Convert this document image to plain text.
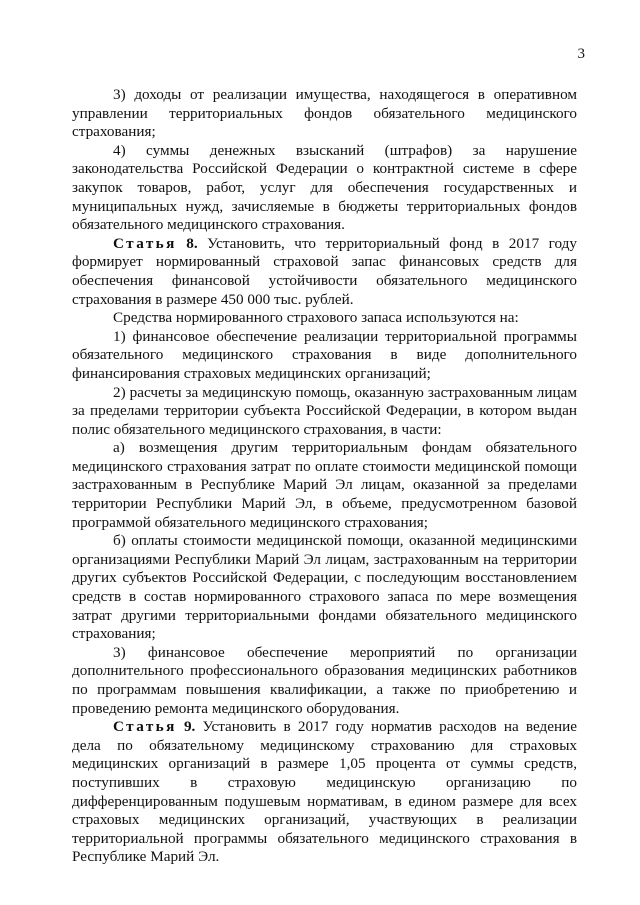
3

3) доходы от реализации имущества, находящегося в оперативном управлении территориальных фондов обязательного медицинского страхования;

4) суммы денежных взысканий (штрафов) за нарушение законодательства Российской Федерации о контрактной системе в сфере закупок товаров, работ, услуг для обеспечения государственных и муниципальных нужд, зачисляемые в бюджеты территориальных фондов обязательного медицинского страхования.

Статья 8. Установить, что территориальный фонд в 2017 году формирует нормированный страховой запас финансовых средств для обеспечения финансовой устойчивости обязательного медицинского страхования в размере 450 000 тыс. рублей.

Средства нормированного страхового запаса используются на:

1) финансовое обеспечение реализации территориальной программы обязательного медицинского страхования в виде дополнительного финансирования страховых медицинских организаций;

2) расчеты за медицинскую помощь, оказанную застрахованным лицам за пределами территории субъекта Российской Федерации, в котором выдан полис обязательного медицинского страхования, в части:

а) возмещения другим территориальным фондам обязательного медицинского страхования затрат по оплате стоимости медицинской помощи застрахованным в Республике Марий Эл лицам, оказанной за пределами территории Республики Марий Эл, в объеме, предусмотренном базовой программой обязательного медицинского страхования;

б) оплаты стоимости медицинской помощи, оказанной медицинскими организациями Республики Марий Эл лицам, застрахованным на территории других субъектов Российской Федерации, с последующим восстановлением средств в состав нормированного страхового запаса по мере возмещения затрат другими территориальными фондами обязательного медицинского страхования;

3) финансовое обеспечение мероприятий по организации дополнительного профессионального образования медицинских работников по программам повышения квалификации, а также по приобретению и проведению ремонта медицинского оборудования.

Статья 9. Установить в 2017 году норматив расходов на ведение дела по обязательному медицинскому страхованию для страховых медицинских организаций в размере 1,05 процента от суммы средств, поступивших в страховую медицинскую организацию по дифференцированным подушевым нормативам, в едином размере для всех страховых медицинских организаций, участвующих в реализации территориальной программы обязательного медицинского страхования в Республике Марий Эл.
